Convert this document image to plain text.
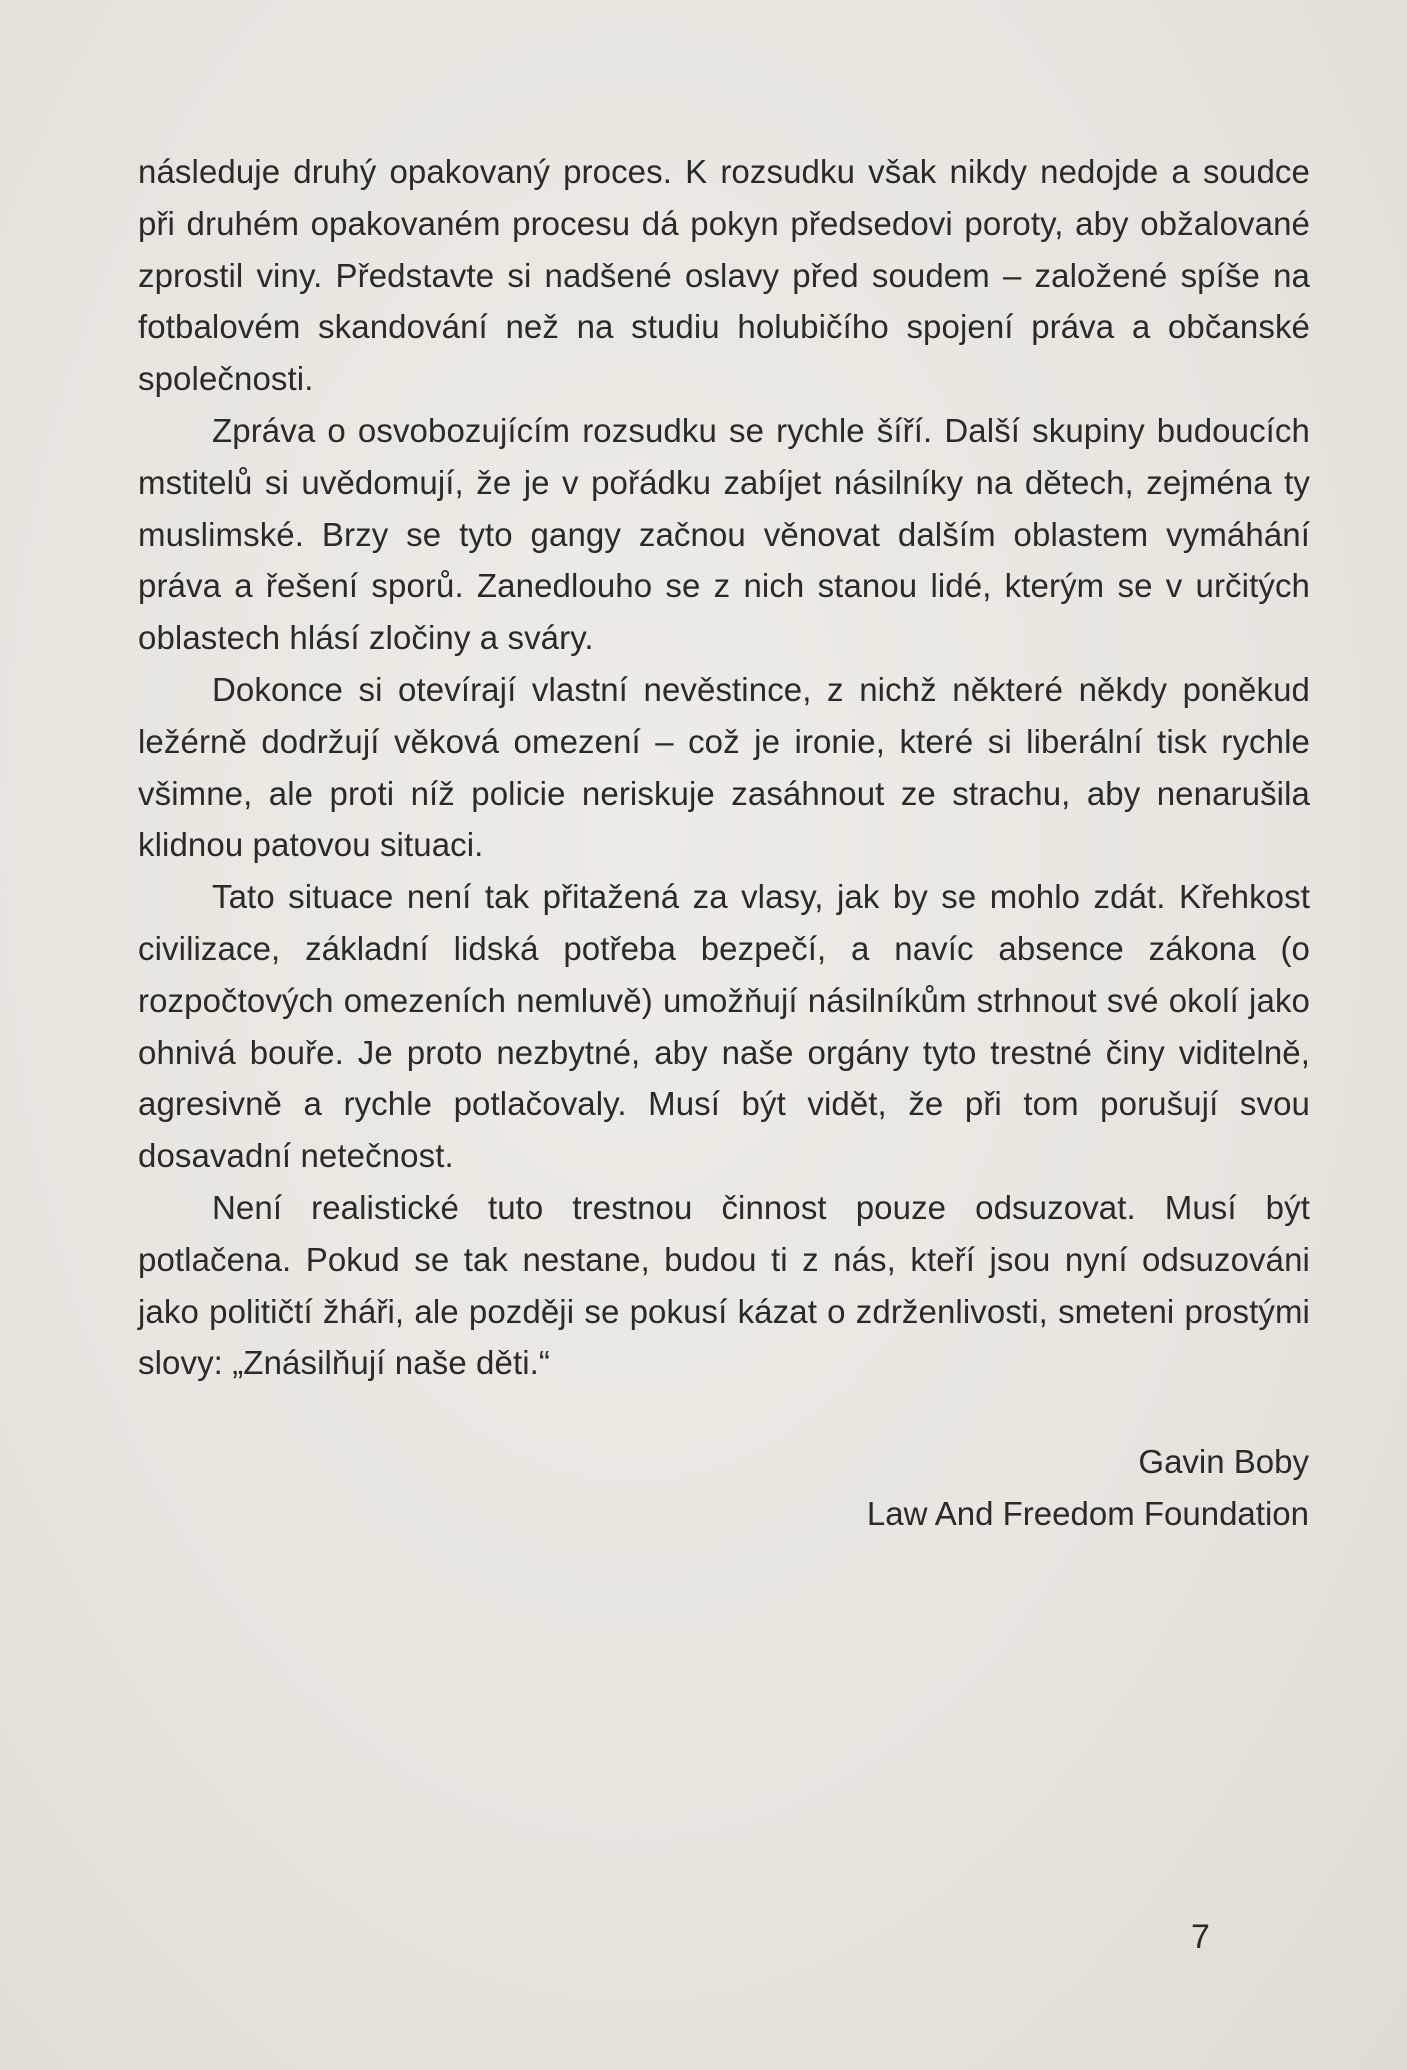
následuje druhý opakovaný proces. K rozsudku však nikdy nedojde a soudce při druhém opakovaném procesu dá pokyn předsedovi poroty, aby obžalované zprostil viny. Představte si nadšené oslavy před soudem – založené spíše na fotbalovém skandování než na studiu holubičího spojení práva a občanské společnosti.

Zpráva o osvobozujícím rozsudku se rychle šíří. Další skupiny budoucích mstitelů si uvědomují, že je v pořádku zabíjet násilníky na dětech, zejména ty muslimské. Brzy se tyto gangy začnou věnovat dalším oblastem vymáhání práva a řešení sporů. Zanedlouho se z nich stanou lidé, kterým se v určitých oblastech hlásí zločiny a sváry.

Dokonce si otevírají vlastní nevěstince, z nichž některé někdy poněkud ležérně dodržují věková omezení – což je ironie, které si liberální tisk rychle všimne, ale proti níž policie neriskuje zasáhnout ze strachu, aby nenarušila klidnou patovou situaci.

Tato situace není tak přitažená za vlasy, jak by se mohlo zdát. Křehkost civilizace, základní lidská potřeba bezpečí, a navíc absence zákona (o rozpočtových omezeních nemluvě) umožňují násilníkům strhnout své okolí jako ohnivá bouře. Je proto nezbytné, aby naše orgány tyto trestné činy viditelně, agresivně a rychle potlačovaly. Musí být vidět, že při tom porušují svou dosavadní netečnost.

Není realistické tuto trestnou činnost pouze odsuzovat. Musí být potlačena. Pokud se tak nestane, budou ti z nás, kteří jsou nyní odsuzováni jako političtí žháři, ale později se pokusí kázat o zdrženlivosti, smeteni prostými slovy: „Znásilňují naše děti.“

Gavin Boby
Law And Freedom Foundation
7
